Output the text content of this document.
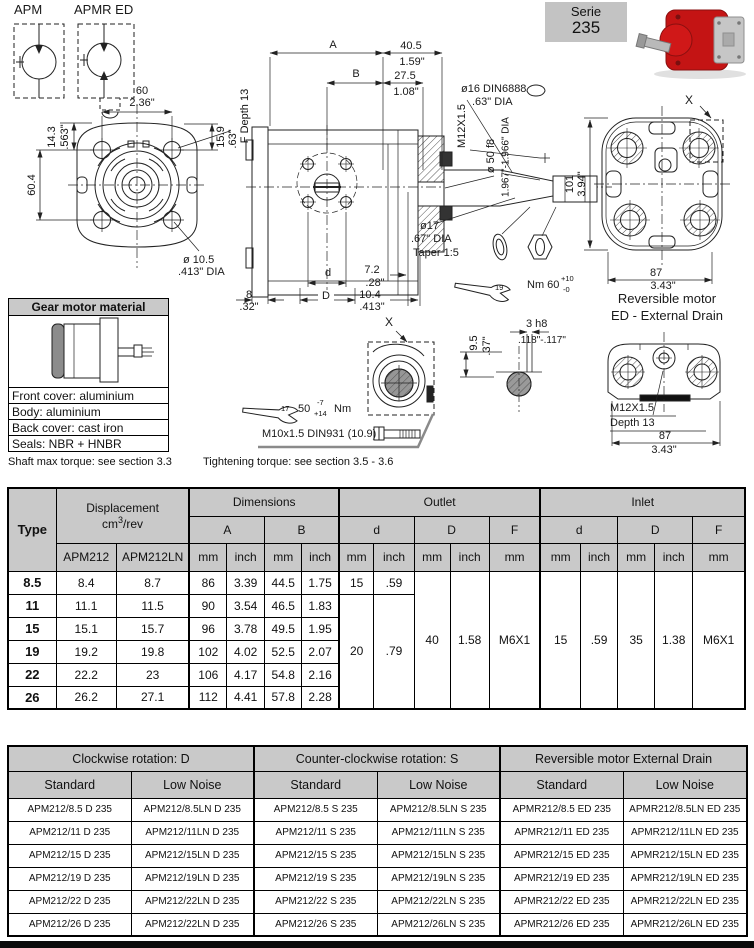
APM APMR ED	Serie
235
60
2.36"
14.3 .563"
60.4
15.9 .63" F Depth 13
ø 10.5
.413" DIA
A	40.5
1.59"
B	27.5
1.08"	ø16 DIN6888
.63" DIA
M12X1.5
ø 50 f8 1.967"-1.966" DIA
ø17
.67" DIA
Taper 1:5
d
D
8
.32"
7.2
.28"
10.4
.413"
Nm 60
+10
-0
19
X
101 3.94"
87
3.43"
Reversible motor
ED - External Drain
X
50
-7
+14 Nm
17
M10x1.5 DIN931 (10.9)
3 h8
.118"-.117"
9.5 .37"
M12X1.5
Depth 13
87
3.43"
Gear motor material
Front cover: aluminium
Body: aluminium
Back cover: cast iron
Seals: NBR + HNBR
Shaft max torque: see section 3.3	Tightening torque: see section 3.5 - 3.6
Type	Displacement
$cm^3$/rev		Dimensions				Outlet					Inlet				
			A		B		d		D		F	d		D		F
	APM212	APM212LN	mm	inch	mm	inch	mm	inch	mm	inch	mm	mm	inch	mm	inch	mm
8.5	8.4	8.7	86	3.39	44.5	1.75	15	.59	40	1.58	M6X1	15	.59	35	1.38	M6X1
11	11.1	11.5	90	3.54	46.5	1.83	20	.79								
15	15.1	15.7	96	3.78	49.5	1.95										
19	19.2	19.8	102	4.02	52.5	2.07										
22	22.2	23	106	4.17	54.8	2.16										
26	26.2	27.1	112	4.41	57.8	2.28										
Clockwise rotation: D		Counter-clockwise rotation: S		Reversible motor External Drain	
Standard	Low Noise	Standard	Low Noise	Standard	Low Noise
APM212/8.5 D 235	APM212/8.5LN D 235	APM212/8.5 S 235	APM212/8.5LN S 235	APMR212/8.5 ED 235	APMR212/8.5LN ED 235
APM212/11 D 235	APM212/11LN D 235	APM212/11 S 235	APM212/11LN S 235	APMR212/11 ED 235	APMR212/11LN ED 235
APM212/15 D 235	APM212/15LN D 235	APM212/15 S 235	APM212/15LN S 235	APMR212/15 ED 235	APMR212/15LN ED 235
APM212/19 D 235	APM212/19LN D 235	APM212/19 S 235	APM212/19LN S 235	APMR212/19 ED 235	APMR212/19LN ED 235
APM212/22 D 235	APM212/22LN D 235	APM212/22 S 235	APM212/22LN S 235	APMR212/22 ED 235	APMR212/22LN ED 235
APM212/26 D 235	APM212/22LN D 235	APM212/26 S 235	APM212/26LN S 235	APMR212/26 ED 235	APMR212/26LN ED 235
